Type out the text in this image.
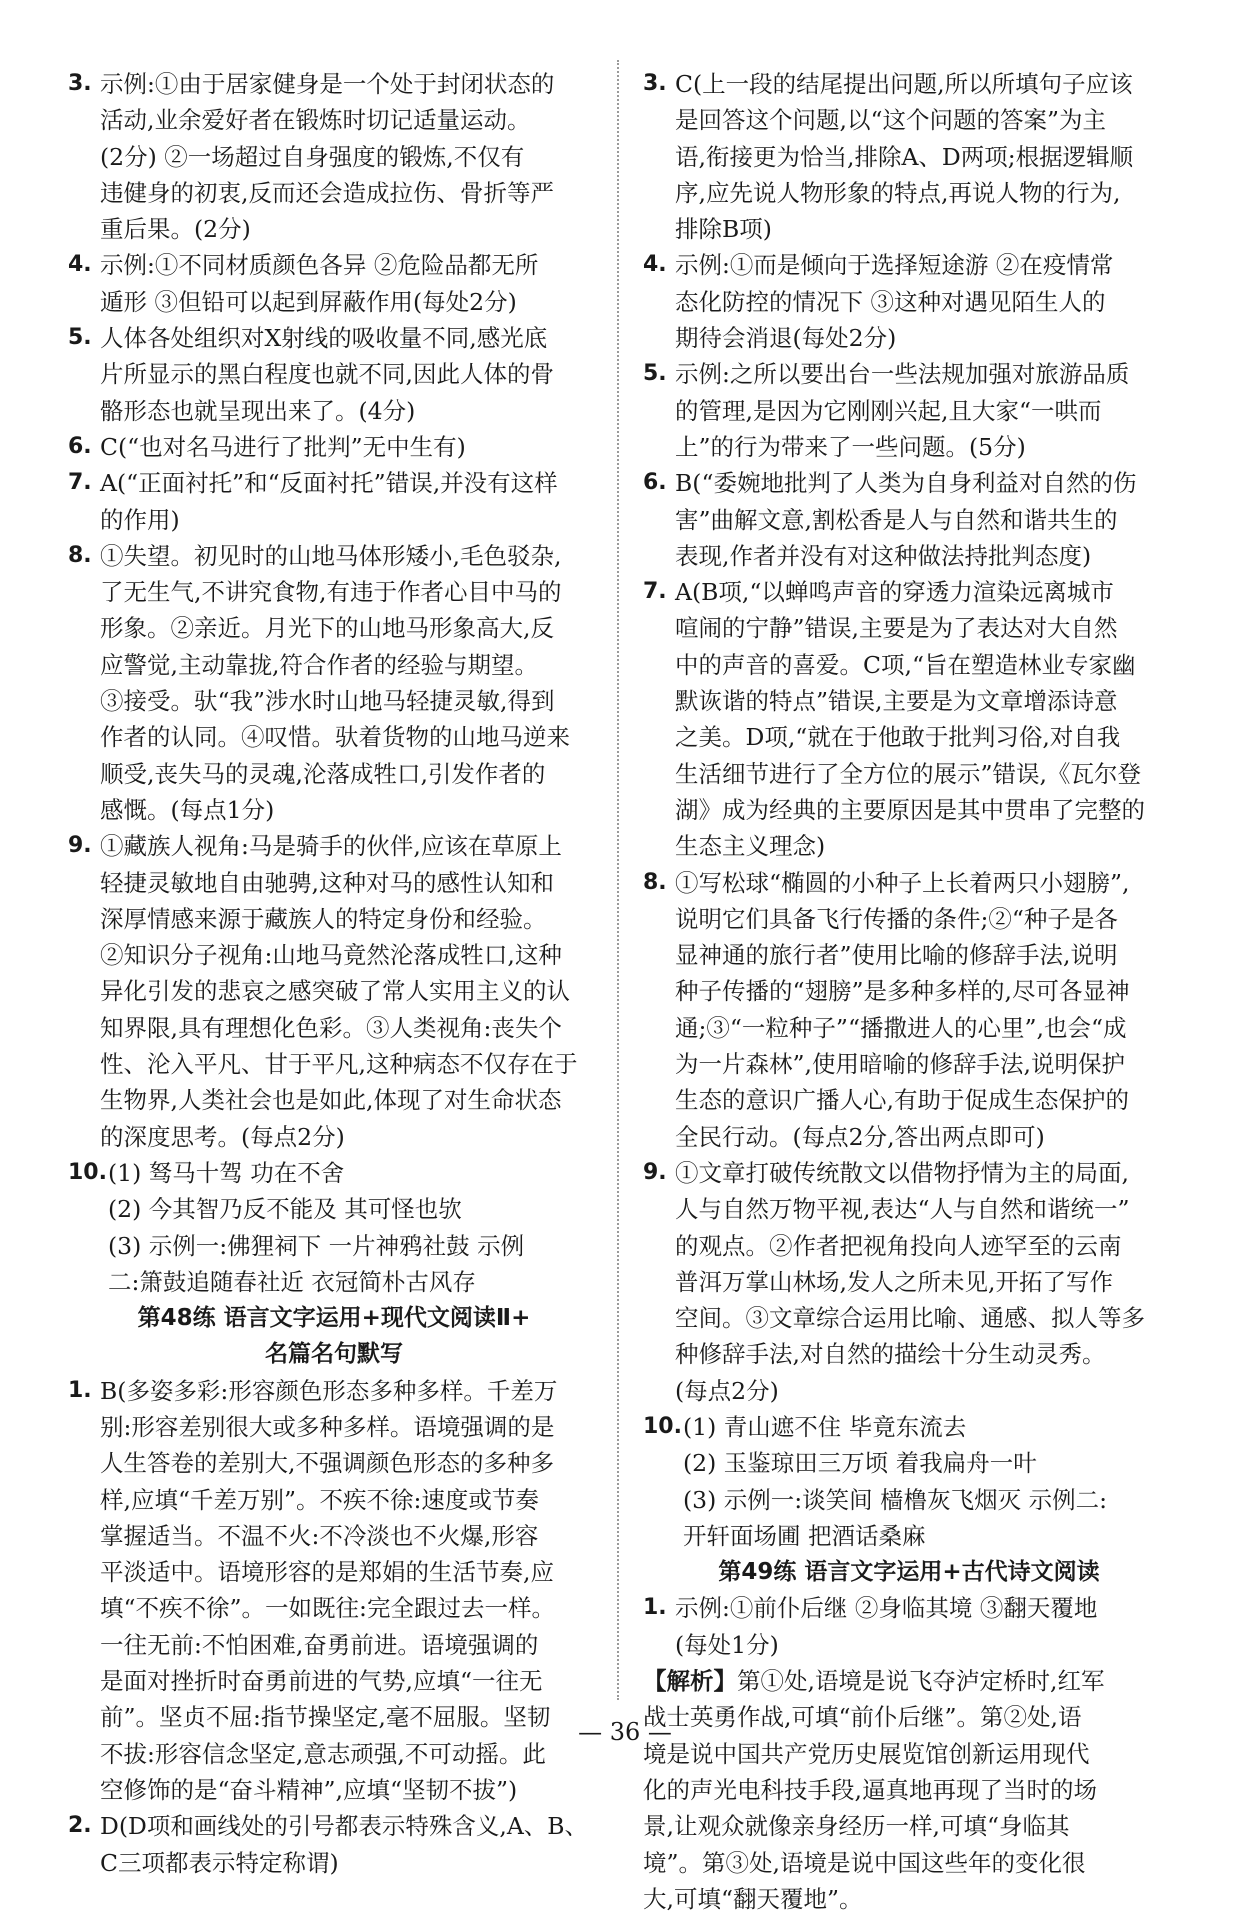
3. 示例:①由于居家健身是一个处于封闭状态的
活动,业余爱好者在锻炼时切记适量运动。
(2分) ②一场超过自身强度的锻炼,不仅有
违健身的初衷,反而还会造成拉伤、骨折等严
重后果。(2分)
4. 示例:①不同材质颜色各异 ②危险品都无所
遁形 ③但铅可以起到屏蔽作用(每处2分)
5. 人体各处组织对X射线的吸收量不同,感光底
片所显示的黑白程度也就不同,因此人体的骨
骼形态也就呈现出来了。(4分)
6. C(“也对名马进行了批判”无中生有)
7. A(“正面衬托”和“反面衬托”错误,并没有这样
的作用)
8. ①失望。初见时的山地马体形矮小,毛色驳杂,
了无生气,不讲究食物,有违于作者心目中马的
形象。②亲近。月光下的山地马形象高大,反
应警觉,主动靠拢,符合作者的经验与期望。
③接受。驮“我”涉水时山地马轻捷灵敏,得到
作者的认同。④叹惜。驮着货物的山地马逆来
顺受,丧失马的灵魂,沦落成牲口,引发作者的
感慨。(每点1分)
9. ①藏族人视角:马是骑手的伙伴,应该在草原上
轻捷灵敏地自由驰骋,这种对马的感性认知和
深厚情感来源于藏族人的特定身份和经验。
②知识分子视角:山地马竟然沦落成牲口,这种
异化引发的悲哀之感突破了常人实用主义的认
知界限,具有理想化色彩。③人类视角:丧失个
性、沦入平凡、甘于平凡,这种病态不仅存在于
生物界,人类社会也是如此,体现了对生命状态
的深度思考。(每点2分)
10. (1) 驽马十驾 功在不舍
(2) 今其智乃反不能及 其可怪也欤
(3) 示例一:佛狸祠下 一片神鸦社鼓 示例
二:箫鼓追随春社近 衣冠简朴古风存
第48练 语言文字运用+现代文阅读Ⅱ+
名篇名句默写
1. B(多姿多彩:形容颜色形态多种多样。千差万
别:形容差别很大或多种多样。语境强调的是
人生答卷的差别大,不强调颜色形态的多种多
样,应填“千差万别”。不疾不徐:速度或节奏
掌握适当。不温不火:不冷淡也不火爆,形容
平淡适中。语境形容的是郑娟的生活节奏,应
填“不疾不徐”。一如既往:完全跟过去一样。
一往无前:不怕困难,奋勇前进。语境强调的
是面对挫折时奋勇前进的气势,应填“一往无
前”。坚贞不屈:指节操坚定,毫不屈服。坚韧
不拔:形容信念坚定,意志顽强,不可动摇。此
空修饰的是“奋斗精神”,应填“坚韧不拔”)
2. D(D项和画线处的引号都表示特殊含义,A、B、
C三项都表示特定称谓)
3. C(上一段的结尾提出问题,所以所填句子应该
是回答这个问题,以“这个问题的答案”为主
语,衔接更为恰当,排除A、D两项;根据逻辑顺
序,应先说人物形象的特点,再说人物的行为,
排除B项)
4. 示例:①而是倾向于选择短途游 ②在疫情常
态化防控的情况下 ③这种对遇见陌生人的
期待会消退(每处2分)
5. 示例:之所以要出台一些法规加强对旅游品质
的管理,是因为它刚刚兴起,且大家“一哄而
上”的行为带来了一些问题。(5分)
6. B(“委婉地批判了人类为自身利益对自然的伤
害”曲解文意,割松香是人与自然和谐共生的
表现,作者并没有对这种做法持批判态度)
7. A(B项,“以蝉鸣声音的穿透力渲染远离城市
喧闹的宁静”错误,主要是为了表达对大自然
中的声音的喜爱。C项,“旨在塑造林业专家幽
默诙谐的特点”错误,主要是为文章增添诗意
之美。D项,“就在于他敢于批判习俗,对自我
生活细节进行了全方位的展示”错误,《瓦尔登
湖》成为经典的主要原因是其中贯串了完整的
生态主义理念)
8. ①写松球“椭圆的小种子上长着两只小翅膀”,
说明它们具备飞行传播的条件;②“种子是各
显神通的旅行者”使用比喻的修辞手法,说明
种子传播的“翅膀”是多种多样的,尽可各显神
通;③“一粒种子”“播撒进人的心里”,也会“成
为一片森林”,使用暗喻的修辞手法,说明保护
生态的意识广播人心,有助于促成生态保护的
全民行动。(每点2分,答出两点即可)
9. ①文章打破传统散文以借物抒情为主的局面,
人与自然万物平视,表达“人与自然和谐统一”
的观点。②作者把视角投向人迹罕至的云南
普洱万掌山林场,发人之所未见,开拓了写作
空间。③文章综合运用比喻、通感、拟人等多
种修辞手法,对自然的描绘十分生动灵秀。
(每点2分)
10. (1) 青山遮不住 毕竟东流去
(2) 玉鉴琼田三万顷 着我扁舟一叶
(3) 示例一:谈笑间 樯橹灰飞烟灭 示例二:
开轩面场圃 把酒话桑麻
第49练 语言文字运用+古代诗文阅读
1. 示例:①前仆后继 ②身临其境 ③翻天覆地
(每处1分)
【解析】第①处,语境是说飞夺泸定桥时,红军
战士英勇作战,可填“前仆后继”。第②处,语
境是说中国共产党历史展览馆创新运用现代
化的声光电科技手段,逼真地再现了当时的场
景,让观众就像亲身经历一样,可填“身临其
境”。第③处,语境是说中国这些年的变化很
大,可填“翻天覆地”。
— 36 —
